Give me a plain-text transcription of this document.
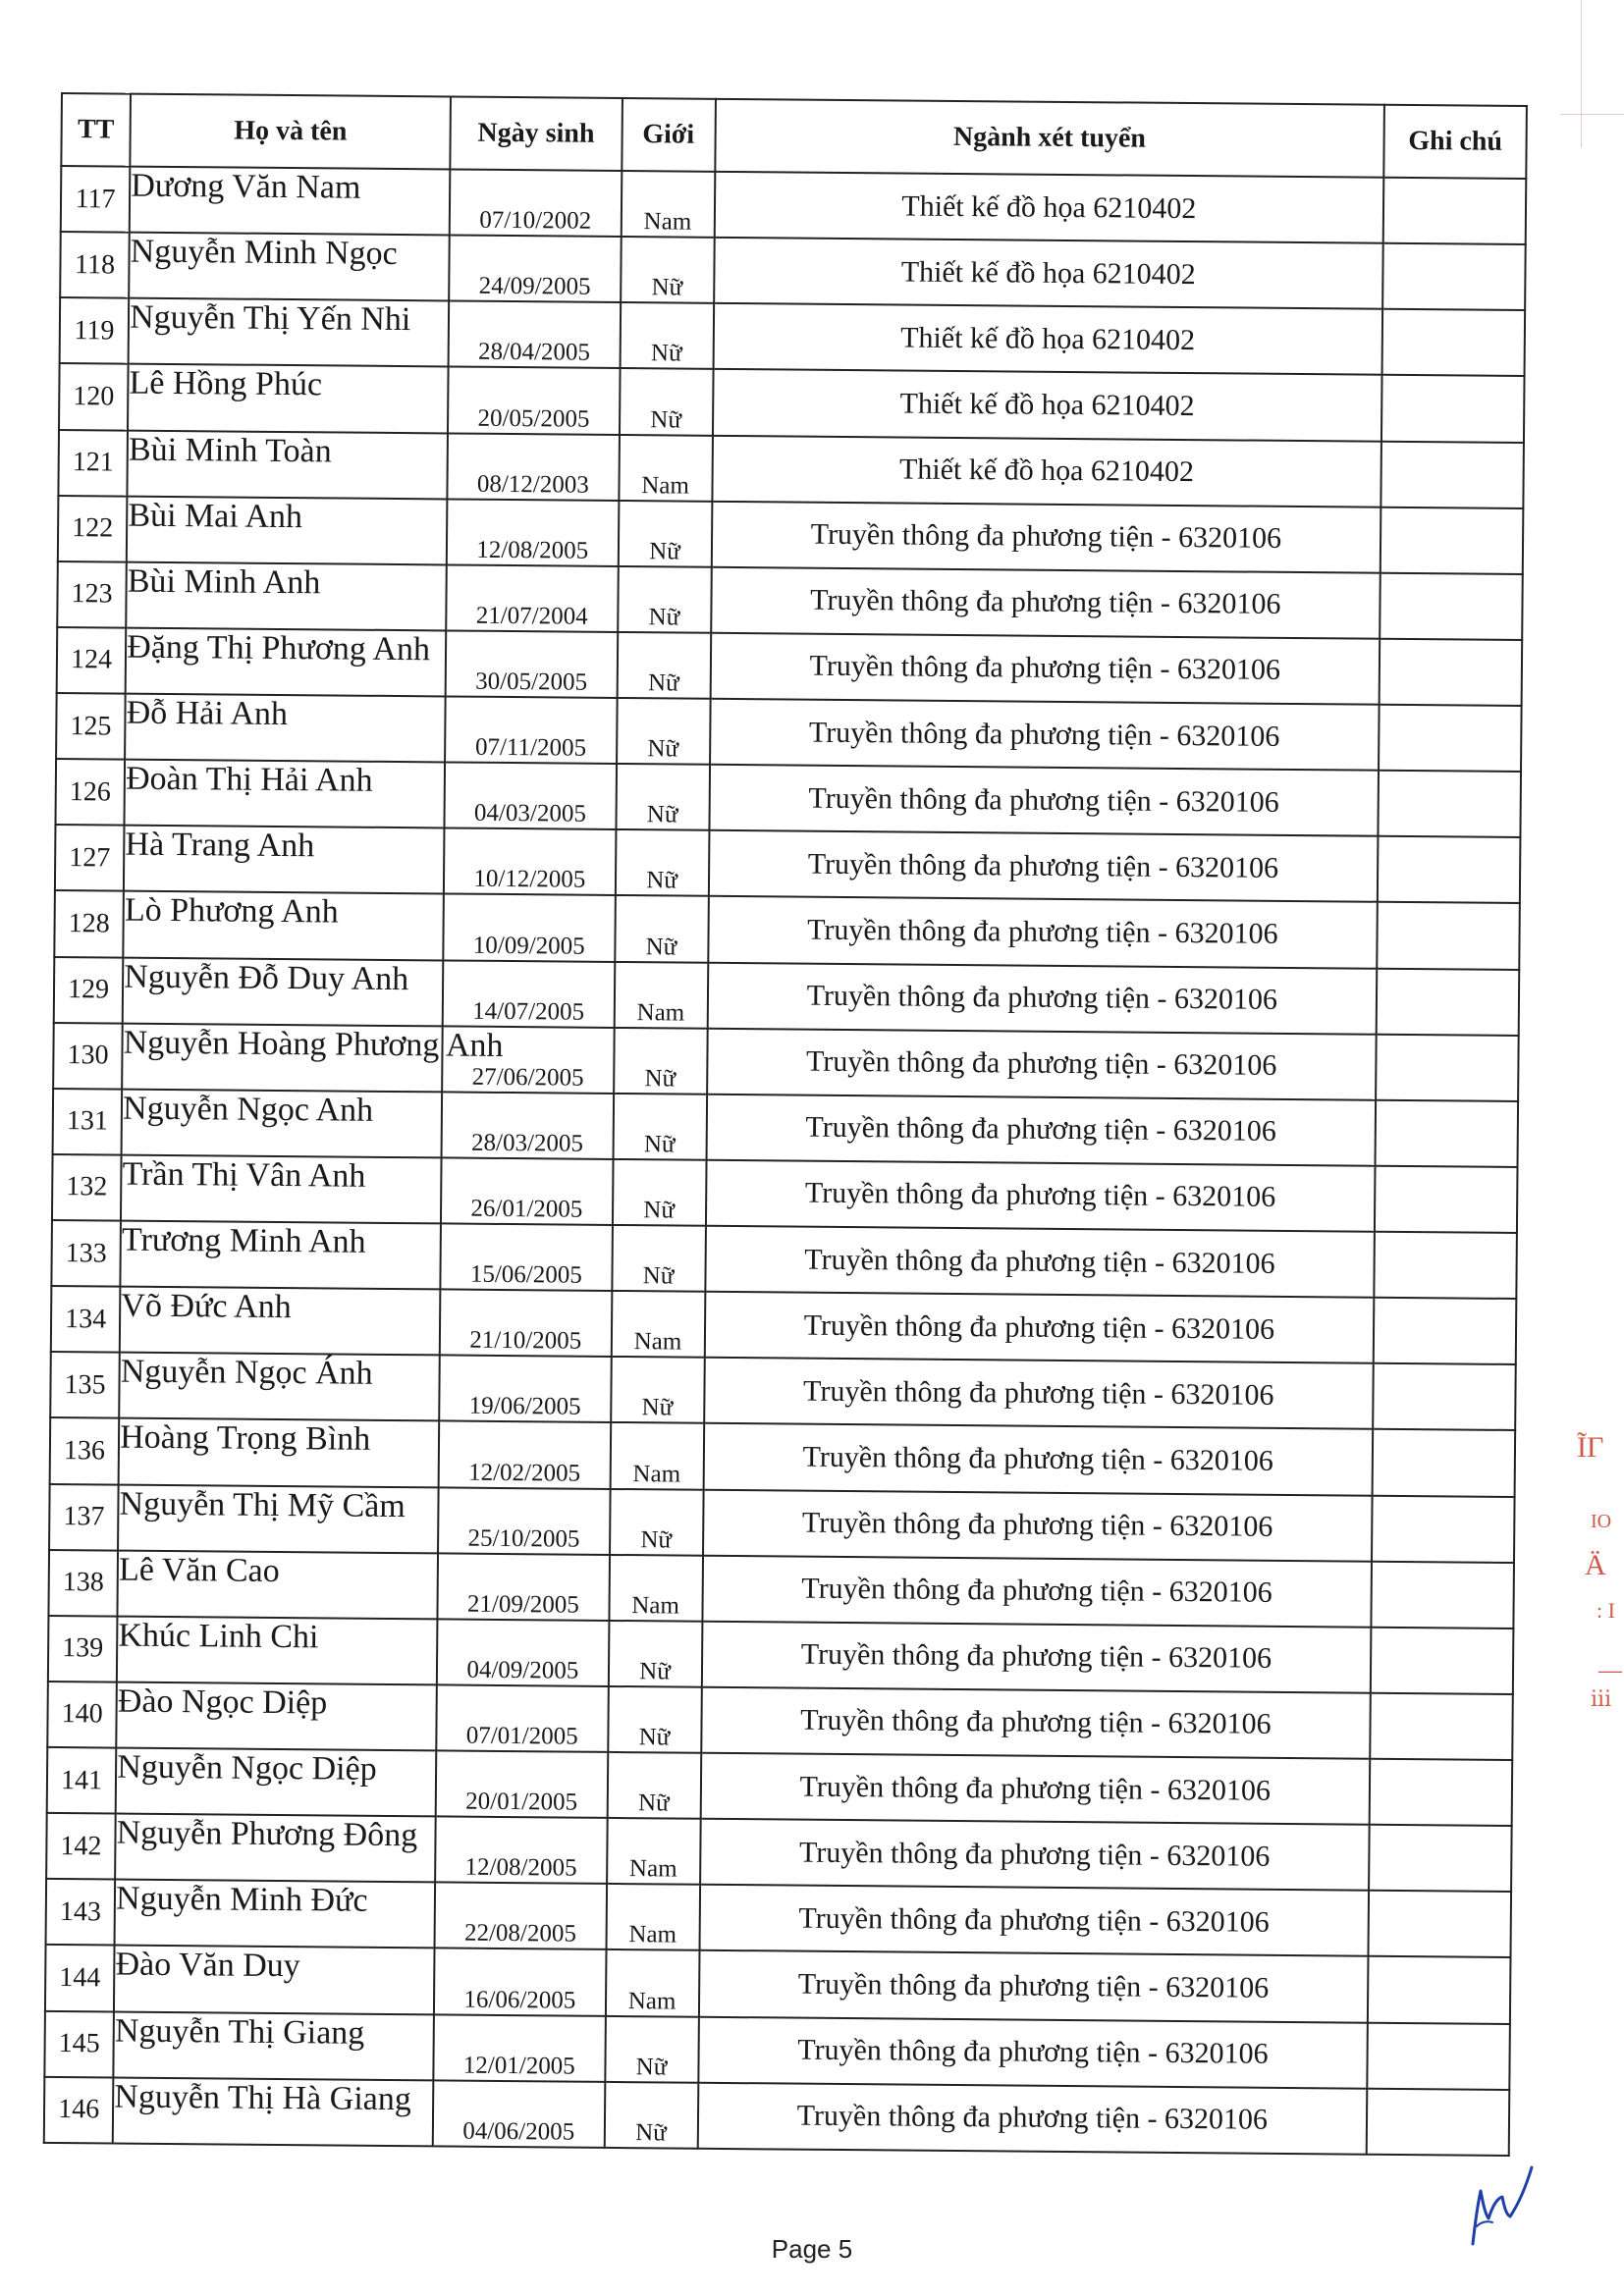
TT	Họ và tên	Ngày sinh	Giới	Ngành xét tuyển	Ghi chú
117	Dương Văn Nam	07/10/2002	Nam	Thiết kế đồ họa 6210402	
118	Nguyễn Minh Ngọc	24/09/2005	Nữ	Thiết kế đồ họa 6210402	
119	Nguyễn Thị Yến Nhi	28/04/2005	Nữ	Thiết kế đồ họa 6210402	
120	Lê Hồng Phúc	20/05/2005	Nữ	Thiết kế đồ họa 6210402	
121	Bùi Minh Toàn	08/12/2003	Nam	Thiết kế đồ họa 6210402	
122	Bùi Mai Anh	12/08/2005	Nữ	Truyền thông đa phương tiện - 6320106	
123	Bùi Minh Anh	21/07/2004	Nữ	Truyền thông đa phương tiện - 6320106	
124	Đặng Thị Phương Anh	30/05/2005	Nữ	Truyền thông đa phương tiện - 6320106	
125	Đỗ Hải Anh	07/11/2005	Nữ	Truyền thông đa phương tiện - 6320106	
126	Đoàn Thị Hải Anh	04/03/2005	Nữ	Truyền thông đa phương tiện - 6320106	
127	Hà Trang Anh	10/12/2005	Nữ	Truyền thông đa phương tiện - 6320106	
128	Lò Phương Anh	10/09/2005	Nữ	Truyền thông đa phương tiện - 6320106	
129	Nguyễn Đỗ Duy Anh	14/07/2005	Nam	Truyền thông đa phương tiện - 6320106	
130	Nguyễn Hoàng Phương Anh	27/06/2005	Nữ	Truyền thông đa phương tiện - 6320106	
131	Nguyễn Ngọc Anh	28/03/2005	Nữ	Truyền thông đa phương tiện - 6320106	
132	Trần Thị Vân Anh	26/01/2005	Nữ	Truyền thông đa phương tiện - 6320106	
133	Trương Minh Anh	15/06/2005	Nữ	Truyền thông đa phương tiện - 6320106	
134	Võ Đức Anh	21/10/2005	Nam	Truyền thông đa phương tiện - 6320106	
135	Nguyễn Ngọc Ánh	19/06/2005	Nữ	Truyền thông đa phương tiện - 6320106	
136	Hoàng Trọng Bình	12/02/2005	Nam	Truyền thông đa phương tiện - 6320106	
137	Nguyễn Thị Mỹ Cầm	25/10/2005	Nữ	Truyền thông đa phương tiện - 6320106	
138	Lê Văn Cao	21/09/2005	Nam	Truyền thông đa phương tiện - 6320106	
139	Khúc Linh Chi	04/09/2005	Nữ	Truyền thông đa phương tiện - 6320106	
140	Đào Ngọc Diệp	07/01/2005	Nữ	Truyền thông đa phương tiện - 6320106	
141	Nguyễn Ngọc Diệp	20/01/2005	Nữ	Truyền thông đa phương tiện - 6320106	
142	Nguyễn Phương Đông	12/08/2005	Nam	Truyền thông đa phương tiện - 6320106	
143	Nguyễn Minh Đức	22/08/2005	Nam	Truyền thông đa phương tiện - 6320106	
144	Đào Văn Duy	16/06/2005	Nam	Truyền thông đa phương tiện - 6320106	
145	Nguyễn Thị Giang	12/01/2005	Nữ	Truyền thông đa phương tiện - 6320106	
146	Nguyễn Thị Hà Giang	04/06/2005	Nữ	Truyền thông đa phương tiện - 6320106	
ĨΓ
IO
Ä
: I
—
ⅲ
Page 5
